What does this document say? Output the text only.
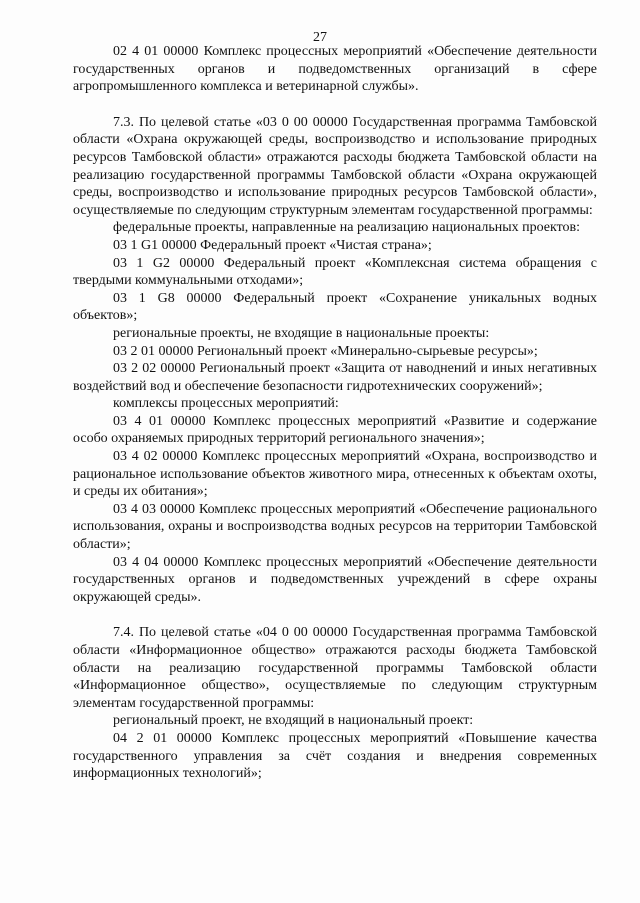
27

02 4 01 00000 Комплекс процессных мероприятий «Обеспечение деятельности государственных органов и подведомственных организаций в сфере агропромышленного комплекса и ветеринарной службы».

7.3. По целевой статье «03 0 00 00000 Государственная программа Тамбовской области «Охрана окружающей среды, воспроизводство и использование природных ресурсов Тамбовской области» отражаются расходы бюджета Тамбовской области на реализацию государственной программы Тамбовской области «Охрана окружающей среды, воспроизводство и использование природных ресурсов Тамбовской области», осуществляемые по следующим структурным элементам государственной программы:

федеральные проекты, направленные на реализацию национальных проектов:

03 1 G1 00000 Федеральный проект «Чистая страна»;

03 1 G2 00000 Федеральный проект «Комплексная система обращения с твердыми коммунальными отходами»;

03 1 G8 00000 Федеральный проект «Сохранение уникальных водных объектов»;

региональные проекты, не входящие в национальные проекты:

03 2 01 00000 Региональный проект «Минерально-сырьевые ресурсы»;

03 2 02 00000 Региональный проект «Защита от наводнений и иных негативных воздействий вод и обеспечение безопасности гидротехнических сооружений»;

комплексы процессных мероприятий:

03 4 01 00000 Комплекс процессных мероприятий «Развитие и содержание особо охраняемых природных территорий регионального значения»;

03 4 02 00000 Комплекс процессных мероприятий «Охрана, воспроизводство и рациональное использование объектов животного мира, отнесенных к объектам охоты, и среды их обитания»;

03 4 03 00000 Комплекс процессных мероприятий «Обеспечение рационального использования, охраны и воспроизводства водных ресурсов на территории Тамбовской области»;

03 4 04 00000 Комплекс процессных мероприятий «Обеспечение деятельности государственных органов и подведомственных учреждений в сфере охраны окружающей среды».

7.4. По целевой статье «04 0 00 00000 Государственная программа Тамбовской области «Информационное общество» отражаются расходы бюджета Тамбовской области на реализацию государственной программы Тамбовской области «Информационное общество», осуществляемые по следующим структурным элементам государственной программы:

региональный проект, не входящий в национальный проект:

04 2 01 00000 Комплекс процессных мероприятий «Повышение качества государственного управления за счёт создания и внедрения современных информационных технологий»;
